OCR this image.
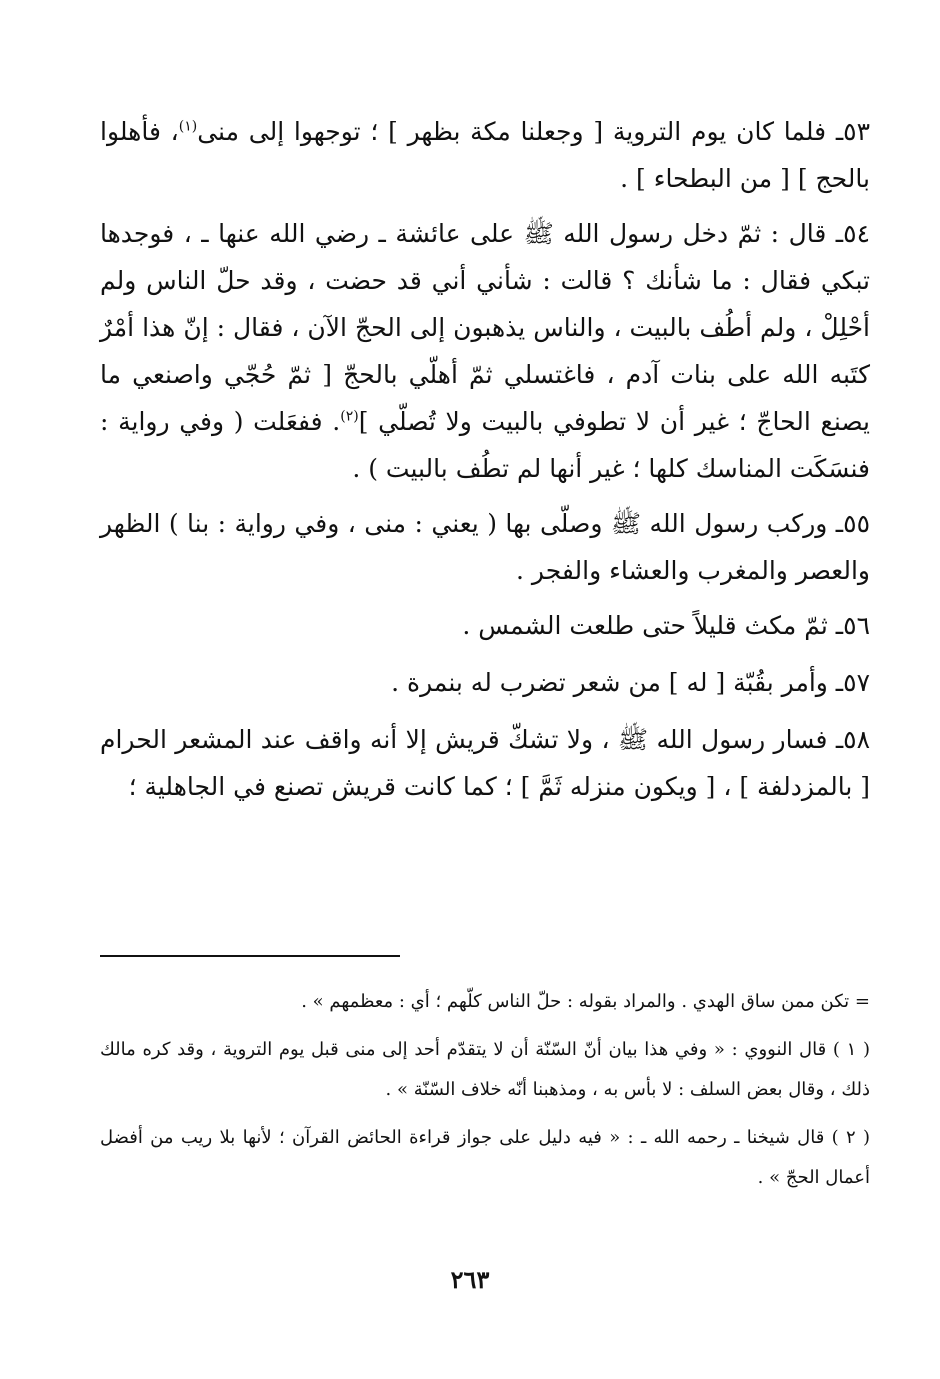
٥٣ـ فلما كان يوم التروية [ وجعلنا مكة بظهر ] ؛ توجهوا إلى منى$^{(١)}$، فأهلوا بالحج ] [ من البطحاء ] .

٥٤ـ قال : ثمّ دخل رسول الله ﷺ على عائشة ـ رضي الله عنها ـ ، فوجدها تبكي فقال : ما شأنك ؟ قالت : شأني أني قد حضت ، وقد حلّ الناس ولم أحْلِلْ ، ولم أطُف بالبيت ، والناس يذهبون إلى الحجّ الآن ، فقال : إنّ هذا أمْرٌ كتَبه الله على بنات آدم ، فاغتسلي ثمّ أهلّي بالحجّ [ ثمّ حُجّي واصنعي ما يصنع الحاجّ ؛ غير أن لا تطوفي بالبيت ولا تُصلّي ]$^{(٢)}$. ففعَلت ( وفي رواية : فنسَكَت المناسك كلها ؛ غير أنها لم تطُف بالبيت ) .

٥٥ـ وركب رسول الله ﷺ وصلّى بها ( يعني : منى ، وفي رواية : بنا ) الظهر والعصر والمغرب والعشاء والفجر .

٥٦ـ ثمّ مكث قليلاً حتى طلعت الشمس .

٥٧ـ وأمر بقُبّة [ له ] من شعر تضرب له بنمرة .

٥٨ـ فسار رسول الله ﷺ ، ولا تشكّ قريش إلا أنه واقف عند المشعر الحرام [ بالمزدلفة ] ، [ ويكون منزله ثَمَّ ] ؛ كما كانت قريش تصنع في الجاهلية ؛

= تكن ممن ساق الهدي . والمراد بقوله : حلّ الناس كلّهم ؛ أي : معظمهم » .

( ١ ) قال النووي : « وفي هذا بيان أنّ السّنّة أن لا يتقدّم أحد إلى منى قبل يوم التروية ، وقد كره مالك ذلك ، وقال بعض السلف : لا بأس به ، ومذهبنا أنّه خلاف السّنّة » .

( ٢ ) قال شيخنا ـ رحمه الله ـ : « فيه دليل على جواز قراءة الحائض القرآن ؛ لأنها بلا ريب من أفضل أعمال الحجّ » .

٢٦٣
